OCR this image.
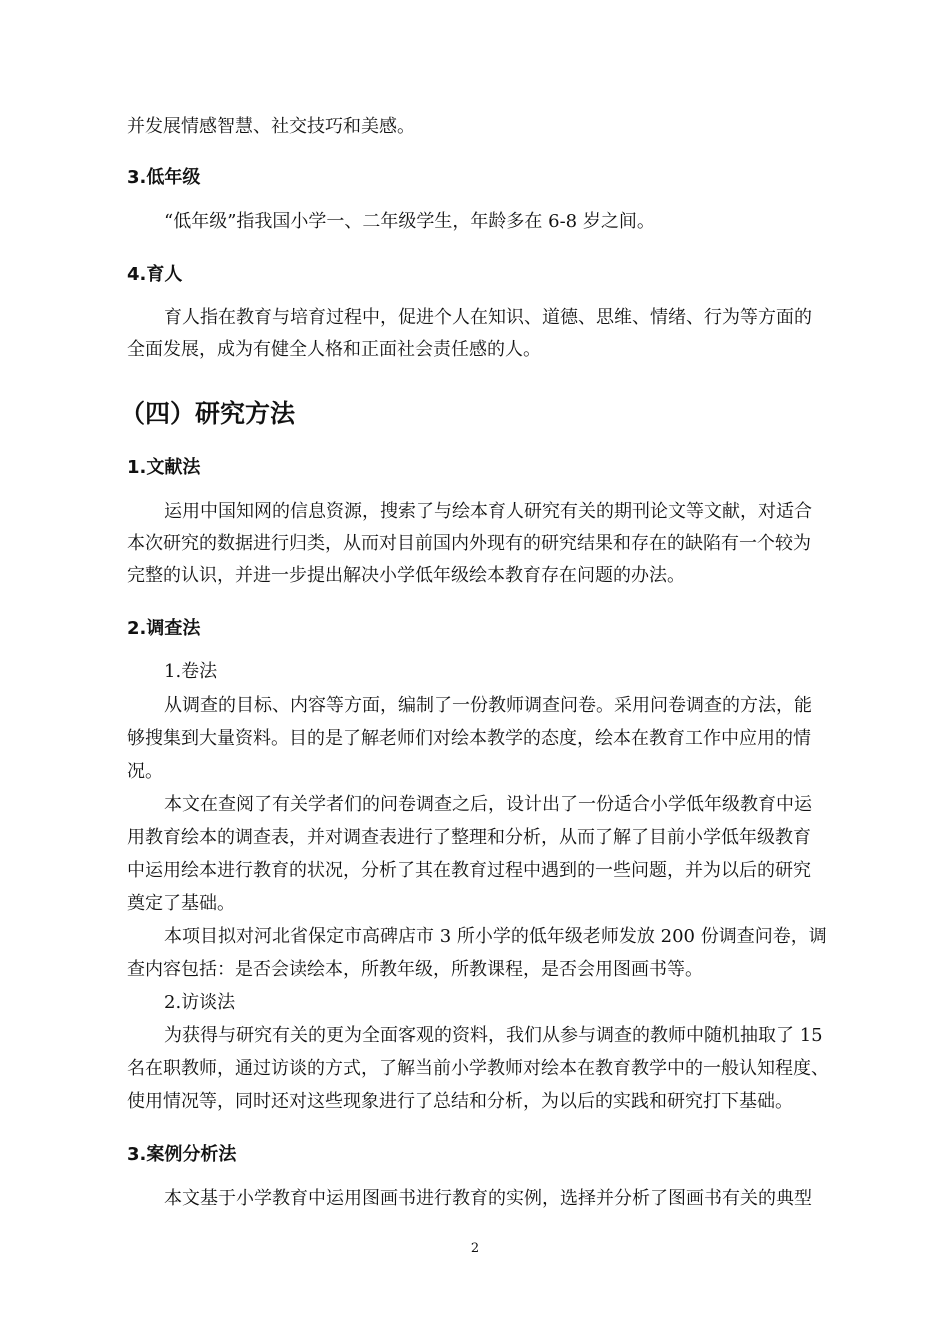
并发展情感智慧、社交技巧和美感。
3.低年级
“低年级”指我国小学一、二年级学生，年龄多在 6-8 岁之间。
4.育人
育人指在教育与培育过程中，促进个人在知识、道德、思维、情绪、行为等方面的
全面发展，成为有健全人格和正面社会责任感的人。
（四）研究方法
1.文献法
运用中国知网的信息资源，搜索了与绘本育人研究有关的期刊论文等文献，对适合
本次研究的数据进行归类，从而对目前国内外现有的研究结果和存在的缺陷有一个较为
完整的认识，并进一步提出解决小学低年级绘本教育存在问题的办法。
2.调查法
1.卷法
从调查的目标、内容等方面，编制了一份教师调查问卷。采用问卷调查的方法，能
够搜集到大量资料。目的是了解老师们对绘本教学的态度，绘本在教育工作中应用的情
况。
本文在查阅了有关学者们的问卷调查之后，设计出了一份适合小学低年级教育中运
用教育绘本的调查表，并对调查表进行了整理和分析，从而了解了目前小学低年级教育
中运用绘本进行教育的状况，分析了其在教育过程中遇到的一些问题，并为以后的研究
奠定了基础。
本项目拟对河北省保定市高碑店市 3 所小学的低年级老师发放 200 份调查问卷，调
查内容包括：是否会读绘本，所教年级，所教课程，是否会用图画书等。
2.访谈法
为获得与研究有关的更为全面客观的资料，我们从参与调查的教师中随机抽取了 15
名在职教师，通过访谈的方式，了解当前小学教师对绘本在教育教学中的一般认知程度、
使用情况等，同时还对这些现象进行了总结和分析，为以后的实践和研究打下基础。
3.案例分析法
本文基于小学教育中运用图画书进行教育的实例，选择并分析了图画书有关的典型
2
